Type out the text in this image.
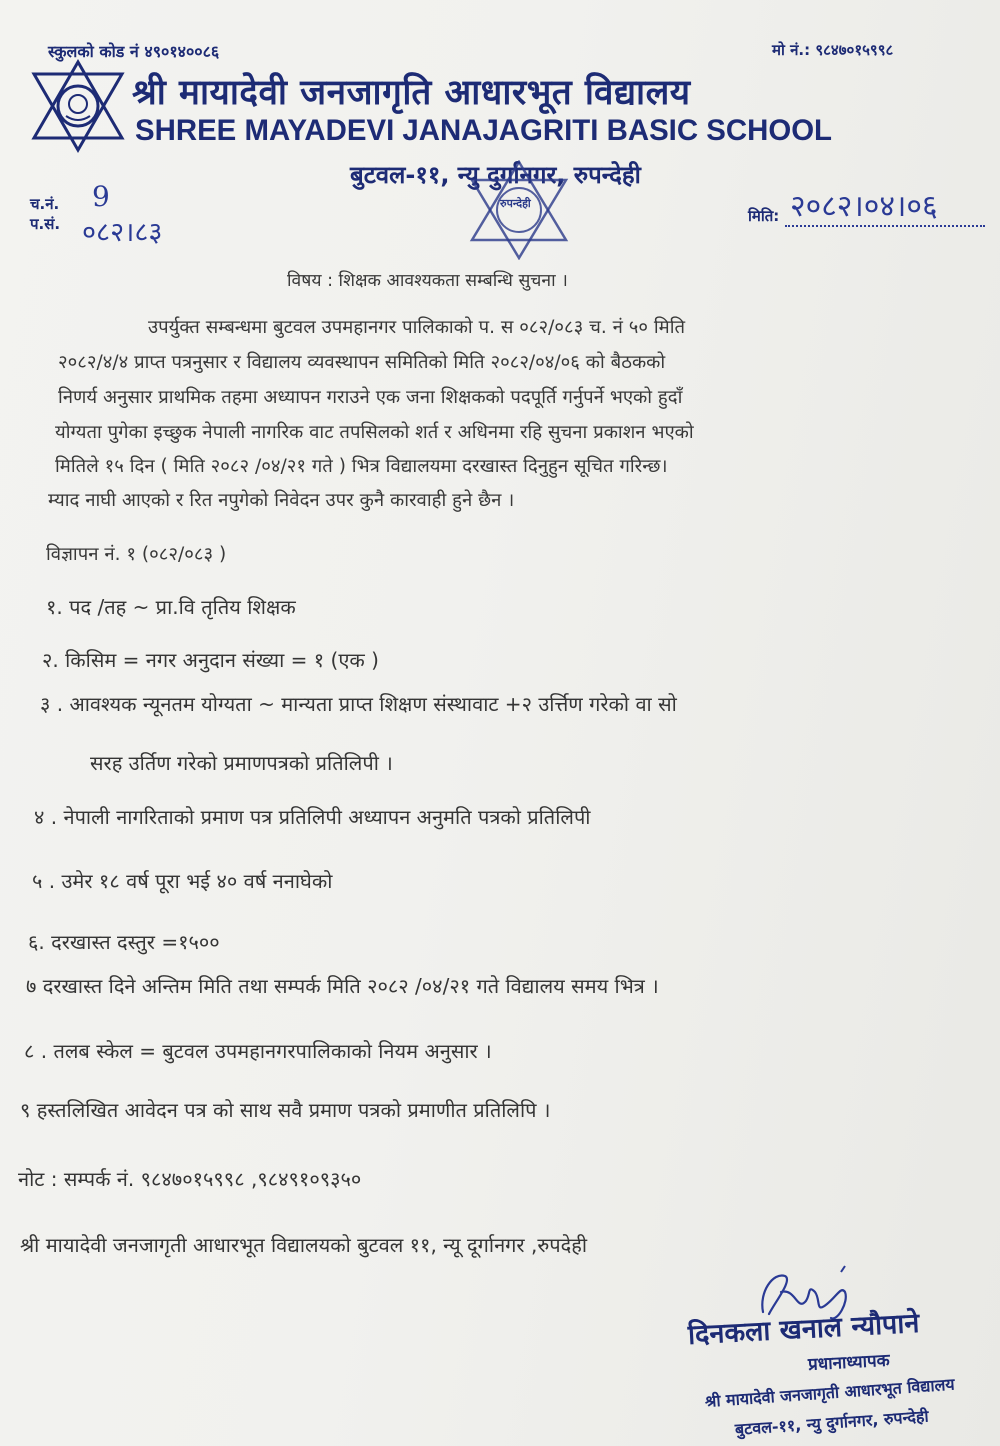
स्कुलको कोड नं ४९०१४००८६	मो नं.: ९८४७०१५९९८
श्री मायादेवी जनजागृति आधारभूत विद्यालय
SHREE MAYADEVI JANAJAGRITI BASIC SCHOOL
बुटवल-११, न्यु दुर्गानगर, रुपन्देही
रुपन्देही
च.नं. 9
प.सं. ०८२।८३
मिति: २०८२।०४।०६
विषय : शिक्षक आवश्यकता सम्बन्धि सुचना ।
उपर्युक्त सम्बन्धमा बुटवल उपमहानगर पालिकाको प. स ०८२/०८३ च. नं ५० मिति
२०८२/४/४ प्राप्त पत्रनुसार र विद्यालय व्यवस्थापन समितिको मिति २०८२/०४/०६ को बैठकको
निणर्य अनुसार प्राथमिक तहमा अध्यापन गराउने एक जना शिक्षकको पदपूर्ति गर्नुपर्ने भएको हुदाँ
योग्यता पुगेका इच्छुक नेपाली नागरिक वाट तपसिलको शर्त र अधिनमा रहि सुचना प्रकाशन भएको
मितिले १५ दिन ( मिति २०८२ /०४/२१ गते ) भित्र विद्यालयमा दरखास्त दिनुहुन सूचित गरिन्छ।
म्याद नाघी आएको र रित नपुगेको निवेदन उपर कुनै कारवाही हुने छैन ।
विज्ञापन नं. १ (०८२/०८३ )
१. पद /तह ~ प्रा.वि तृतिय शिक्षक
२. किसिम = नगर अनुदान संख्या = १ (एक )
३ . आवश्यक न्यूनतम योग्यता ~ मान्यता प्राप्त शिक्षण संस्थावाट +२ उर्त्तिण गरेको वा सो
सरह उर्तिण गरेको प्रमाणपत्रको प्रतिलिपी ।
४ . नेपाली नागरिताको प्रमाण पत्र प्रतिलिपी अध्यापन अनुमति पत्रको प्रतिलिपी
५ . उमेर १८ वर्ष पूरा भई ४० वर्ष ननाघेको
६. दरखास्त दस्तुर =१५००
७ दरखास्त दिने अन्तिम मिति तथा सम्पर्क मिति २०८२ /०४/२१ गते विद्यालय समय भित्र ।
८ . तलब स्केल = बुटवल उपमहानगरपालिकाको नियम अनुसार ।
९ हस्तलिखित आवेदन पत्र को साथ सवै प्रमाण पत्रको प्रमाणीत प्रतिलिपि ।
नोट : सम्पर्क नं. ९८४७०१५९९८ ,९८४९१०९३५०
श्री मायादेवी जनजागृती आधारभूत विद्यालयको बुटवल ११, न्यू दूर्गानगर ,रुपदेही
दिनकला खनाल न्यौपाने
प्रधानाध्यापक
श्री मायादेवी जनजागृती आधारभूत विद्यालय
बुटवल-११, न्यु दुर्गानगर, रुपन्देही
